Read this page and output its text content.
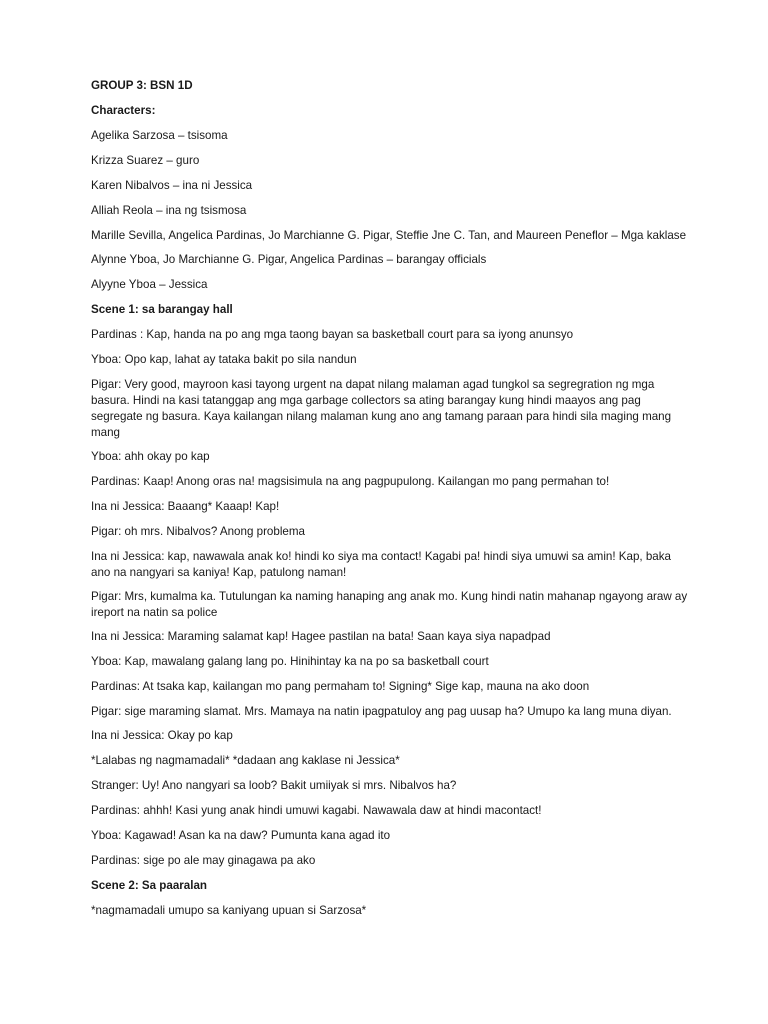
GROUP 3: BSN 1D

Characters:

Agelika Sarzosa – tsisoma

Krizza Suarez – guro

Karen Nibalvos – ina ni Jessica

Alliah Reola – ina ng tsismosa

Marille Sevilla, Angelica Pardinas, Jo Marchianne G. Pigar, Steffie Jne C. Tan, and Maureen Peneflor – Mga kaklase

Alynne Yboa, Jo Marchianne G. Pigar, Angelica Pardinas – barangay officials

Alyyne Yboa – Jessica

Scene 1: sa barangay hall

Pardinas : Kap, handa na po ang mga taong bayan sa basketball court para sa iyong anunsyo

Yboa: Opo kap, lahat ay tataka bakit po sila nandun

Pigar: Very good, mayroon kasi tayong urgent na dapat nilang malaman agad tungkol sa segregration ng mga basura. Hindi na kasi tatanggap ang mga garbage collectors sa ating barangay kung hindi maayos ang pag segregate ng basura. Kaya kailangan nilang malaman kung ano ang tamang paraan para hindi sila maging mang mang

Yboa: ahh okay po kap

Pardinas: Kaap! Anong oras na! magsisimula na ang pagpupulong. Kailangan mo pang permahan to!

Ina ni Jessica: Baaang* Kaaap! Kap!

Pigar: oh mrs. Nibalvos? Anong problema

Ina ni Jessica: kap, nawawala anak ko! hindi ko siya ma contact! Kagabi pa! hindi siya umuwi sa amin! Kap, baka ano na nangyari sa kaniya! Kap, patulong naman!

Pigar: Mrs, kumalma ka. Tutulungan ka naming hanaping ang anak mo. Kung hindi natin mahanap ngayong araw ay ireport na natin sa police

Ina ni Jessica: Maraming salamat kap! Hagee pastilan na bata! Saan kaya siya napadpad

Yboa: Kap, mawalang galang lang po. Hinihintay ka na po sa basketball court

Pardinas: At tsaka kap, kailangan mo pang permaham to! Signing* Sige kap, mauna na ako doon

Pigar: sige maraming slamat. Mrs. Mamaya na natin ipagpatuloy ang pag uusap ha? Umupo ka lang muna diyan.

Ina ni Jessica: Okay po kap

*Lalabas ng nagmamadali* *dadaan ang kaklase ni Jessica*

Stranger: Uy! Ano nangyari sa loob? Bakit umiiyak si mrs. Nibalvos ha?

Pardinas: ahhh! Kasi yung anak hindi umuwi kagabi. Nawawala daw at hindi macontact!

Yboa: Kagawad! Asan ka na daw? Pumunta kana agad ito

Pardinas: sige po ale may ginagawa pa ako

Scene 2: Sa paaralan

*nagmamadali umupo sa kaniyang upuan si Sarzosa*
